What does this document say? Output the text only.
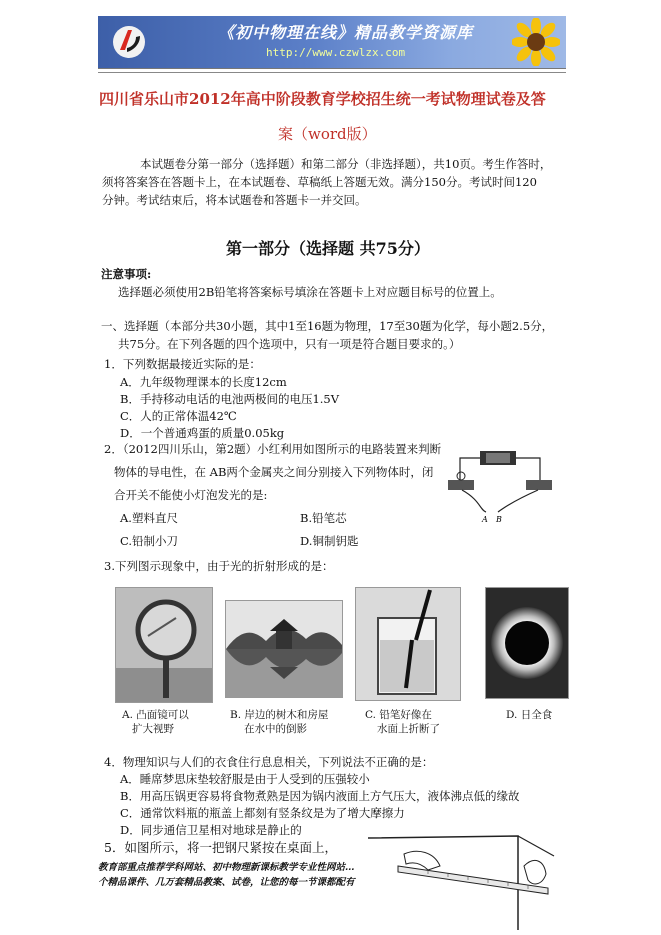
《初中物理在线》精品教学资源库
http://www.czwlzx.com
四川省乐山市2012年高中阶段教育学校招生统一考试物理试卷及答
案（word版）
本试题卷分第一部分（选择题）和第二部分（非选择题），共10页。考生作答时，
须将答案答在答题卡上，在本试题卷、草稿纸上答题无效。满分150分。考试时间120
分钟。考试结束后，将本试题卷和答题卡一并交回。
第一部分（选择题 共75分）
注意事项:
选择题必须使用2B铅笔将答案标号填涂在答题卡上对应题目标号的位置上。
一、选择题（本部分共30小题，其中1至16题为物理，17至30题为化学，每小题2.5分，
共75分。在下列各题的四个选项中，只有一项是符合题目要求的。）
1．下列数据最接近实际的是：
A．九年级物理课本的长度12cm
B．手持移动电话的电池两极间的电压1.5V
C．人的正常体温42℃
D．一个普通鸡蛋的质量0.05kg
2．（2012四川乐山，第2题）小红利用如图所示的电路装置来判断
物体的导电性，在 AB两个金属夹之间分别接入下列物体时，闭
合开关不能使小灯泡发光的是:
A.塑料直尺	B.铅笔芯
C.铅制小刀	D.铜制钥匙
A B
3.下列图示现象中，由于光的折射形成的是：
A. 凸面镜可以
扩大视野
B. 岸边的树木和房屋
在水中的倒影
C. 铅笔好像在
水面上折断了
D. 日全食
4．物理知识与人们的衣食住行息息相关，下列说法不正确的是：
A．睡席梦思床垫较舒服是由于人受到的压强较小
B．用高压锅更容易将食物煮熟是因为锅内液面上方气压大，液体沸点低的缘故
C．通常饮料瓶的瓶盖上都刻有竖条纹是为了增大摩擦力
D．同步通信卫星相对地球是静止的
5．如图所示，将一把钢尺紧按在桌面上，
教育部重点推荐学科网站、初中物理新课标教学专业性网站…
个精品课件、几万套精品教案、试卷，让您的每一节课都配有
